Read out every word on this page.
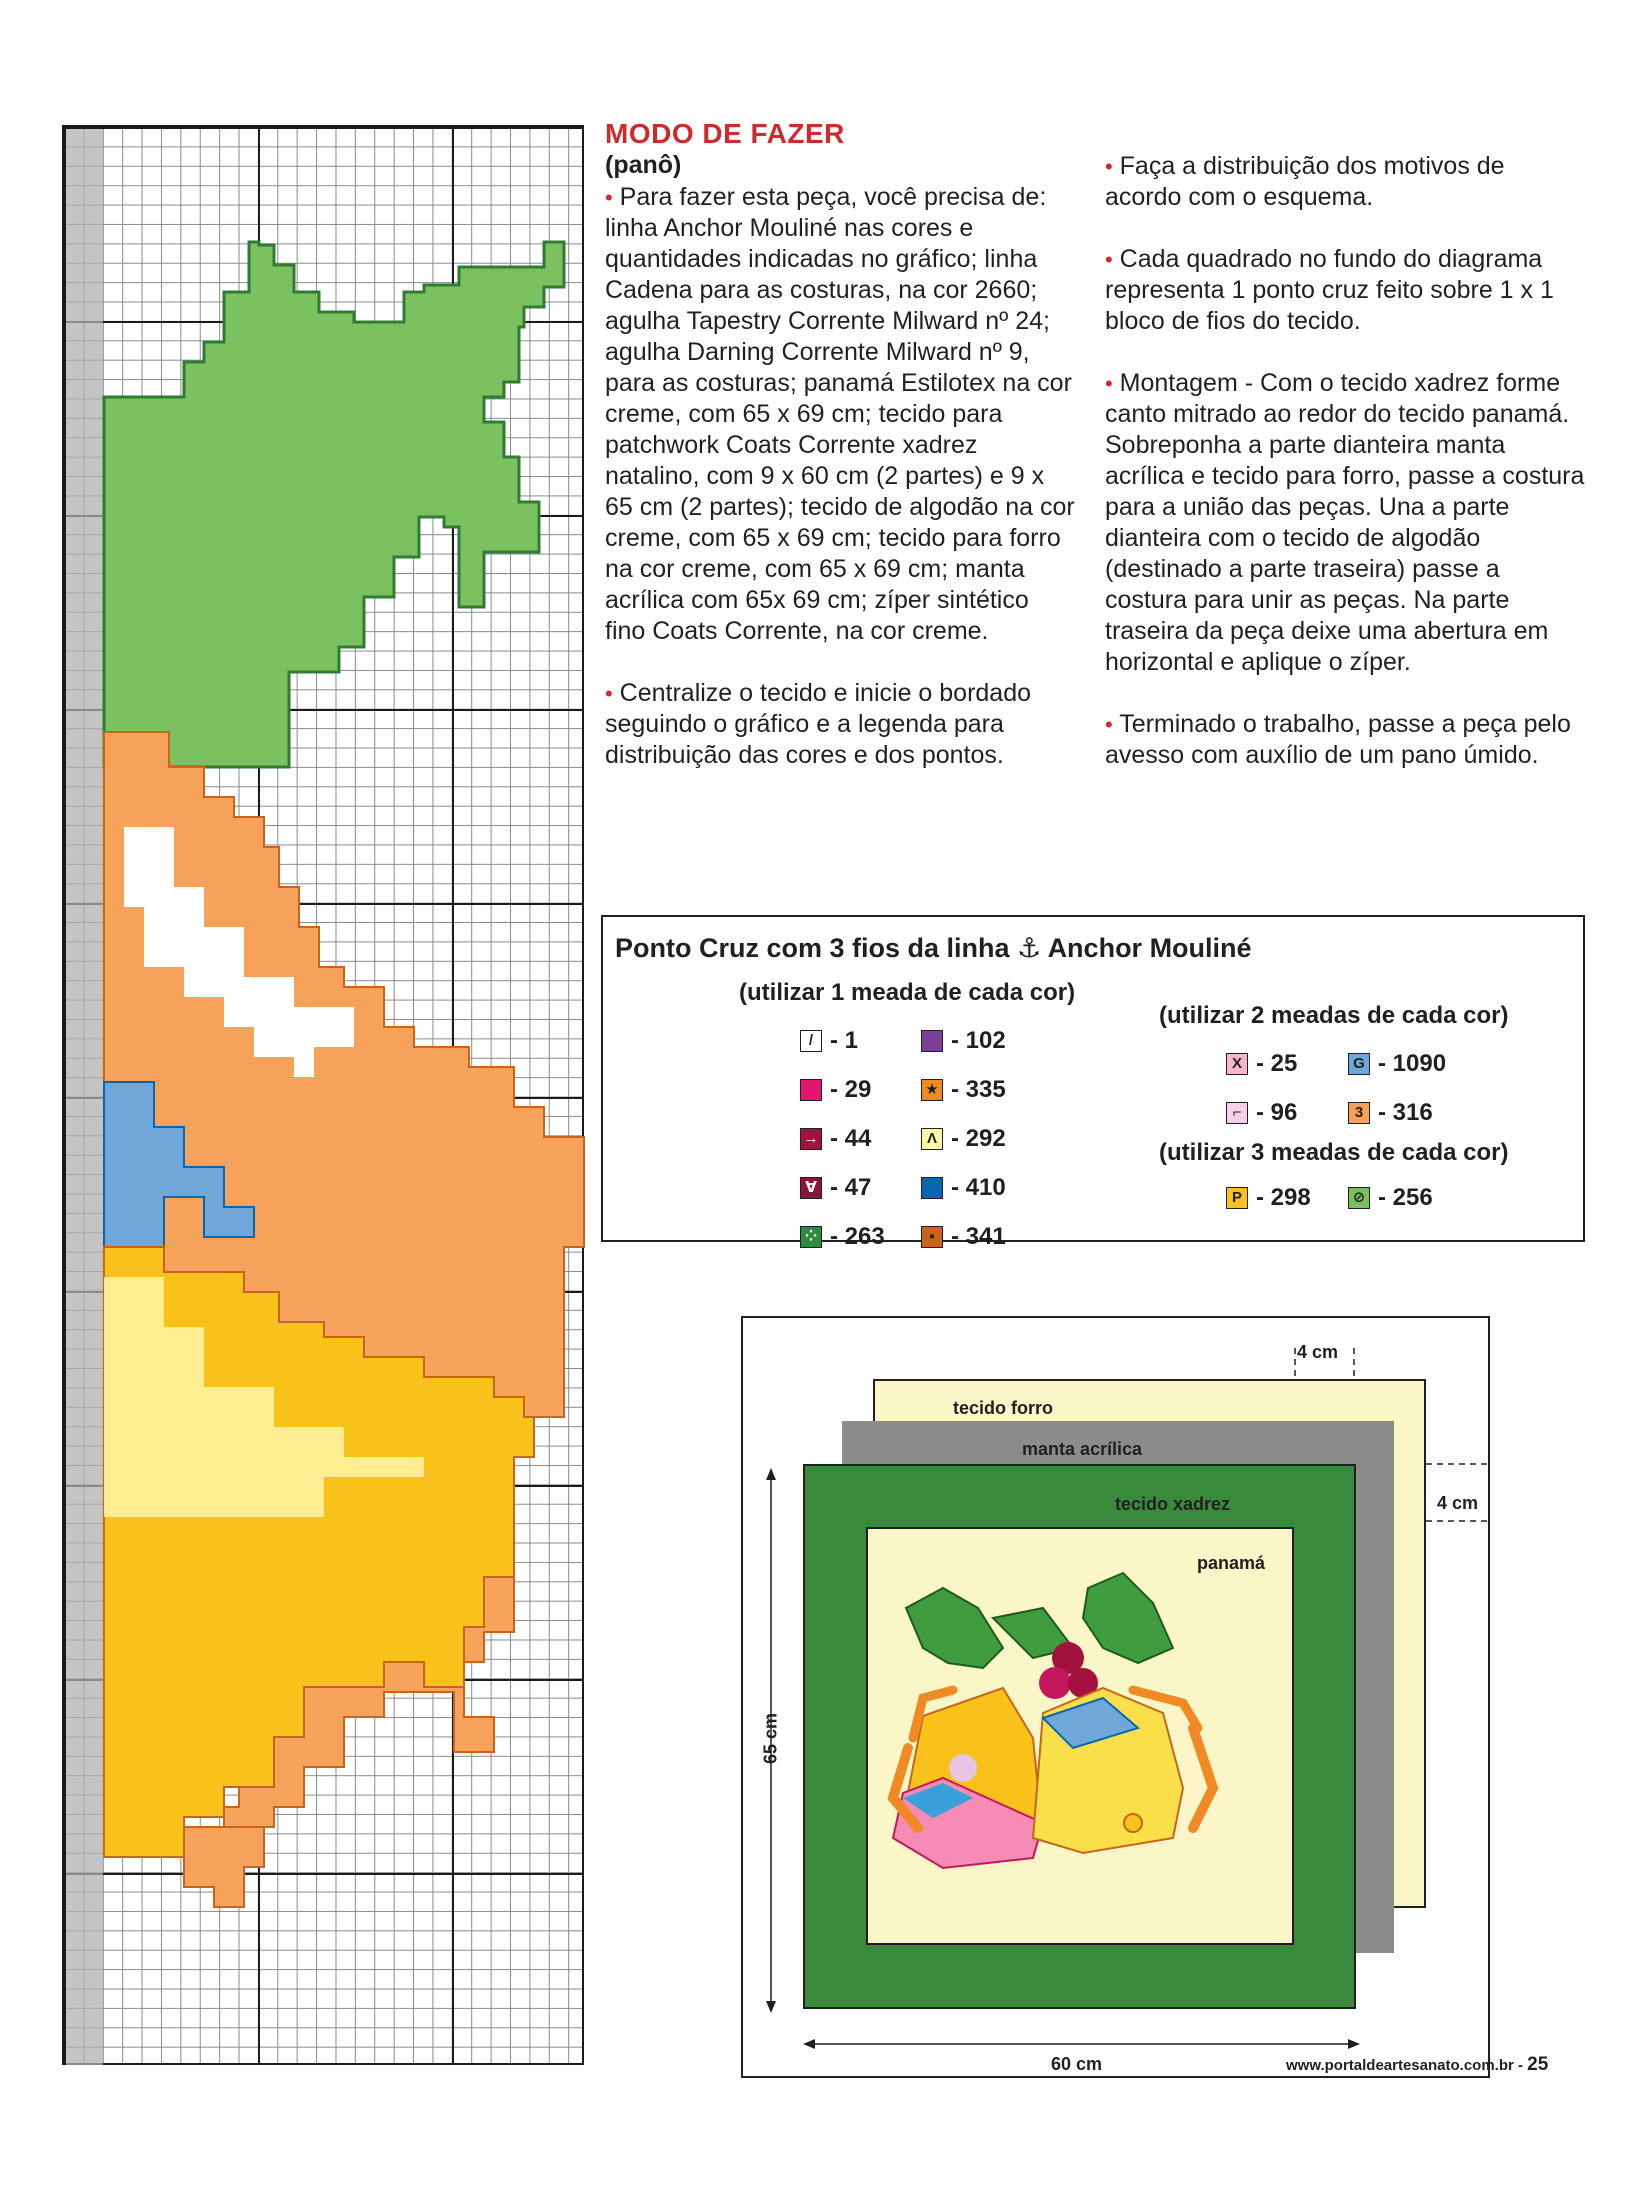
MODO DE FAZER
(panô)

• Para fazer esta peça, você precisa de: linha Anchor Mouliné nas cores e quantidades indicadas no gráfico; linha Cadena para as costuras, na cor 2660; agulha Tapestry Corrente Milward nº 24; agulha Darning Corrente Milward nº 9, para as costuras; panamá Estilotex na cor creme, com 65 x 69 cm; tecido para patchwork Coats Corrente xadrez natalino, com 9 x 60 cm (2 partes) e 9 x 65 cm (2 partes); tecido de algodão na cor creme, com 65 x 69 cm; tecido para forro na cor creme, com 65 x 69 cm; manta acrílica com 65x 69 cm; zíper sintético fino Coats Corrente, na cor creme.

• Centralize o tecido e inicie o bordado seguindo o gráfico e a legenda para distribuição das cores e dos pontos.

• Faça a distribuição dos motivos de acordo com o esquema.

• Cada quadrado no fundo do diagrama representa 1 ponto cruz feito sobre 1 x 1 bloco de fios do tecido.

• Montagem - Com o tecido xadrez forme canto mitrado ao redor do tecido panamá. Sobreponha a parte dianteira manta acrílica e tecido para forro, passe a costura para a união das peças. Una a parte dianteira com o tecido de algodão (destinado a parte traseira) passe a costura para unir as peças. Na parte traseira da peça deixe uma abertura em horizontal e aplique o zíper.

• Terminado o trabalho, passe a peça pelo avesso com auxílio de um pano úmido.

Ponto Cruz com 3 fios da linha ⚓ Anchor Mouliné
(utilizar 1 meada de cada cor)
(utilizar 2 meadas de cada cor)
(utilizar 3 meadas de cada cor)
/ - 1	- 102
- 29	★ - 335
→ - 44	Λ - 292
∀ - 47	- 410
⁘ - 263	▪ - 341
X - 25	G - 1090
⌐ - 96	3 - 316
P - 298	⊘ - 256
4 cm
4 cm
65 cm
60 cm
tecido forro
manta acrílica
tecido xadrez
panamá
www.portaldeartesanato.com.br - 25
